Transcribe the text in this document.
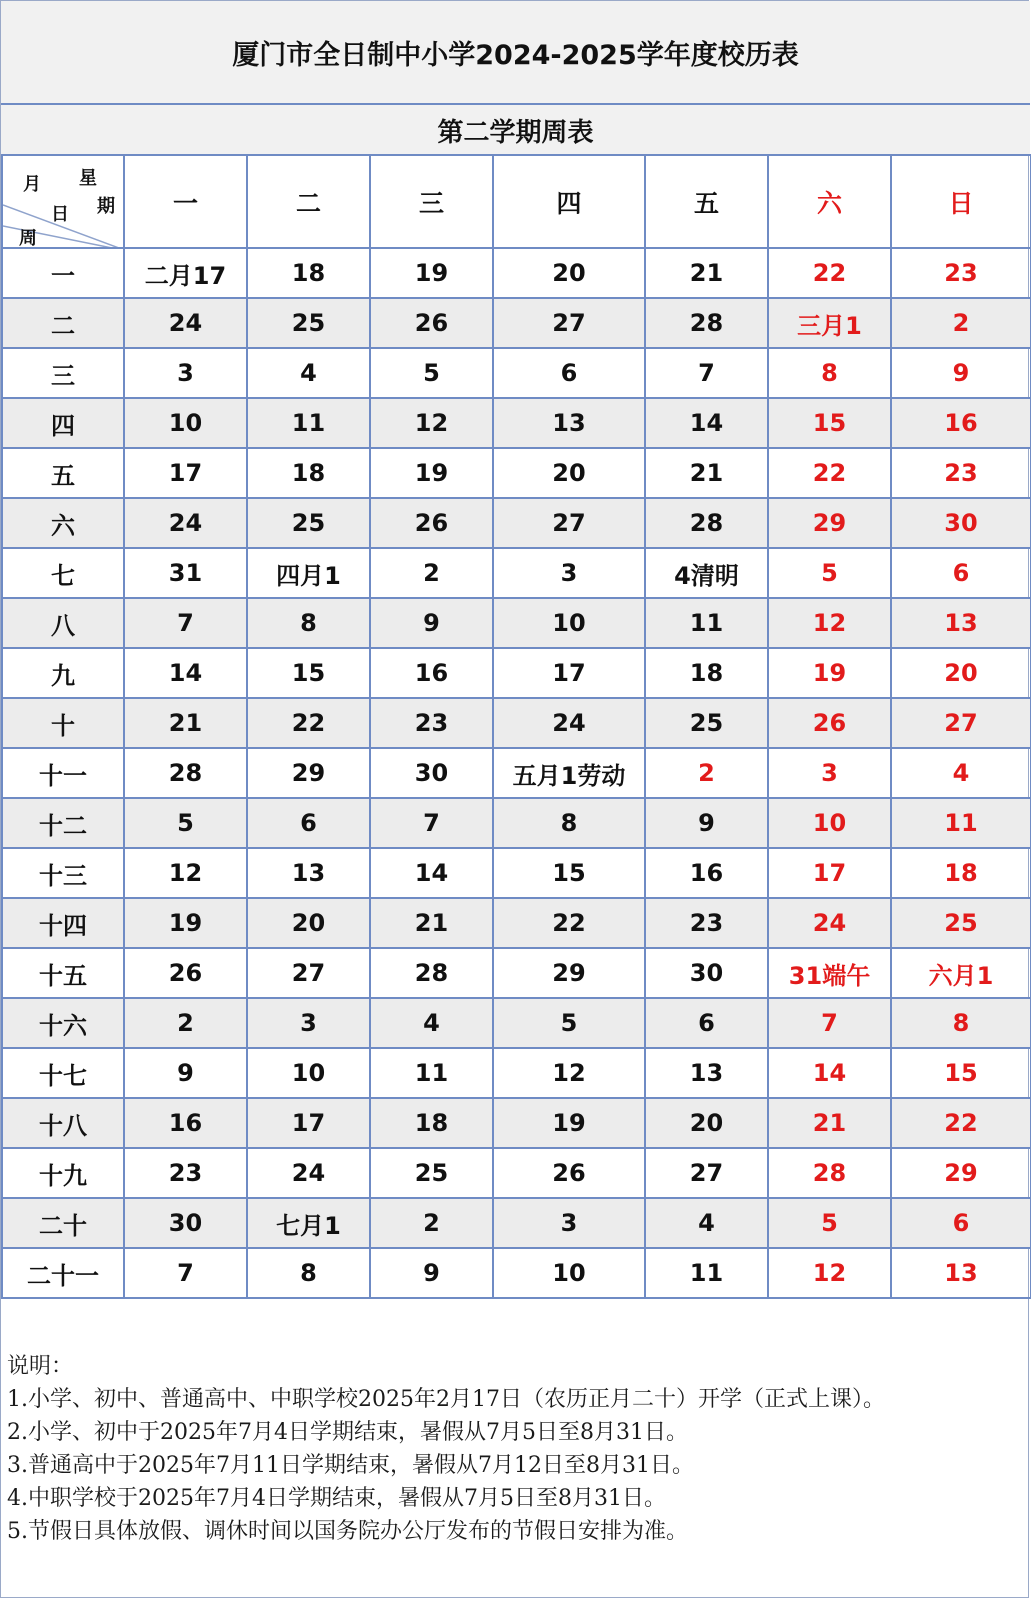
厦门市全日制中小学2024-2025学年度校历表
第二学期周表
星
期
月
日
周	一	二	三	四	五	六	日
一	二月17	18	19	20	21	22	23
二	24	25	26	27	28	三月1	2
三	3	4	5	6	7	8	9
四	10	11	12	13	14	15	16
五	17	18	19	20	21	22	23
六	24	25	26	27	28	29	30
七	31	四月1	2	3	4清明	5	6
八	7	8	9	10	11	12	13
九	14	15	16	17	18	19	20
十	21	22	23	24	25	26	27
十一	28	29	30	五月1劳动	2	3	4
十二	5	6	7	8	9	10	11
十三	12	13	14	15	16	17	18
十四	19	20	21	22	23	24	25
十五	26	27	28	29	30	31端午	六月1
十六	2	3	4	5	6	7	8
十七	9	10	11	12	13	14	15
十八	16	17	18	19	20	21	22
十九	23	24	25	26	27	28	29
二十	30	七月1	2	3	4	5	6
二十一	7	8	9	10	11	12	13

说明：

1.小学、初中、普通高中、中职学校2025年2月17日（农历正月二十）开学（正式上课）。

2.小学、初中于2025年7月4日学期结束，暑假从7月5日至8月31日。

3.普通高中于2025年7月11日学期结束，暑假从7月12日至8月31日。

4.中职学校于2025年7月4日学期结束，暑假从7月5日至8月31日。

5.节假日具体放假、调休时间以国务院办公厅发布的节假日安排为准。
